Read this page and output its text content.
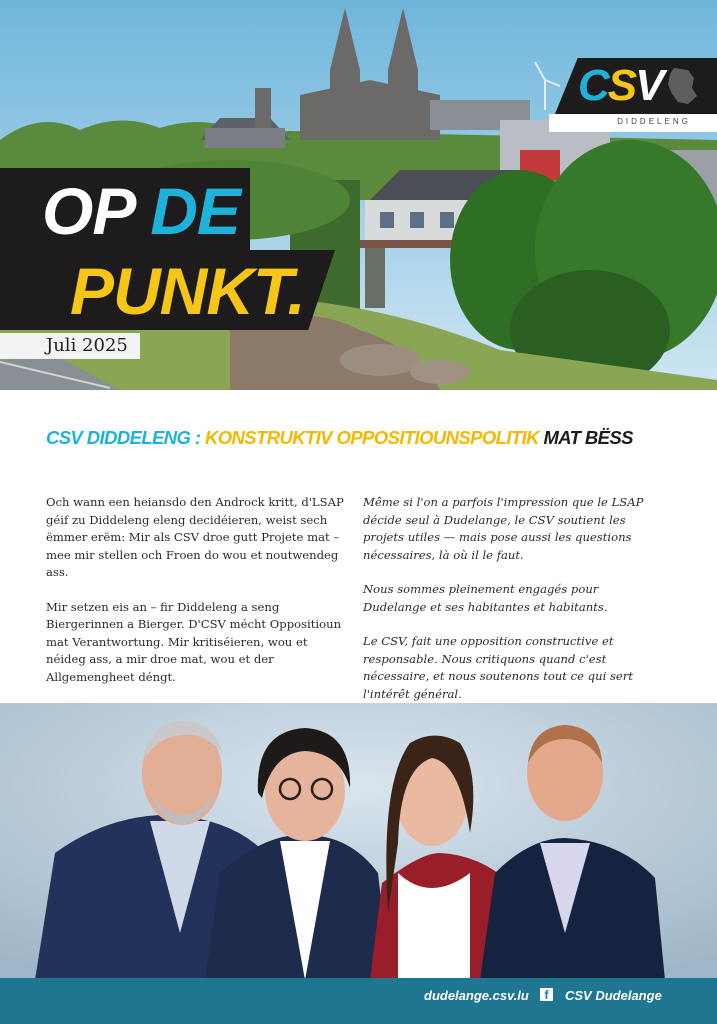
OP DE
PUNKT.
Juli 2025
CSV
DIDDELENG
CSV DIDDELENG : KONSTRUKTIV OPPOSITIOUNSPOLITIK MAT BËSS

Och wann een heiansdo den Androck kritt, d'LSAP géif zu Diddeleng eleng decidéieren, weist sech ëmmer erëm: Mir als CSV droe gutt Projete mat – mee mir stellen och Froen do wou et noutwendeg ass.

Mir setzen eis an – fir Diddeleng a seng Biergerinnen a Bierger. D'CSV mécht Oppositioun mat Verantwortung. Mir kritiséieren, wou et néideg ass, a mir droe mat, wou et der Allgemengheet déngt.

Même si l'on a parfois l'impression que le LSAP décide seul à Dudelange, le CSV soutient les projets utiles — mais pose aussi les questions nécessaires, là où il le faut.

Nous sommes pleinement engagés pour Dudelange et ses habitantes et habitants.

Le CSV, fait une opposition constructive et responsable. Nous critiquons quand c'est nécessaire, et nous soutenons tout ce qui sert l'intérêt général.

dudelange.csv.lu	f	CSV Dudelange
